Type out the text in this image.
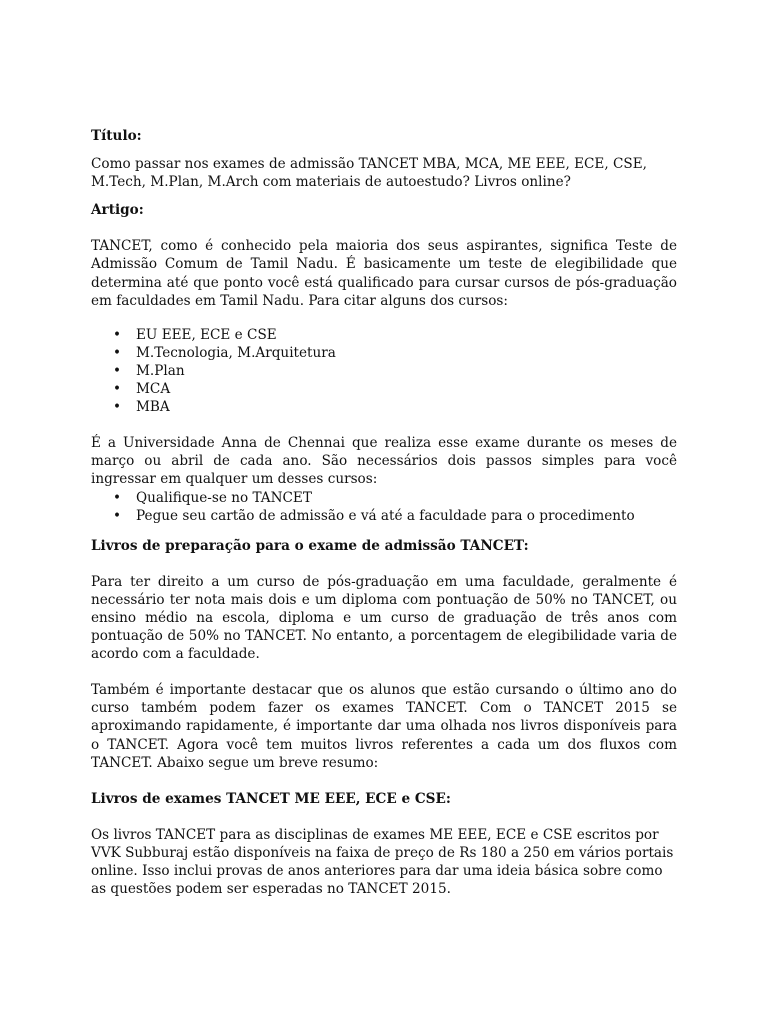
Título:

Como passar nos exames de admissão TANCET MBA, MCA, ME EEE, ECE, CSE, M.Tech, M.Plan, M.Arch com materiais de autoestudo? Livros online?

Artigo:

TANCET, como é conhecido pela maioria dos seus aspirantes, significa Teste de Admissão Comum de Tamil Nadu. É basicamente um teste de elegibilidade que determina até que ponto você está qualificado para cursar cursos de pós-graduação em faculdades em Tamil Nadu. Para citar alguns dos cursos:

• EU EEE, ECE e CSE
• M.Tecnologia, M.Arquitetura
• M.Plan
• MCA
• MBA

É a Universidade Anna de Chennai que realiza esse exame durante os meses de março ou abril de cada ano. São necessários dois passos simples para você ingressar em qualquer um desses cursos:

• Qualifique-se no TANCET
• Pegue seu cartão de admissão e vá até a faculdade para o procedimento
Livros de preparação para o exame de admissão TANCET:

Para ter direito a um curso de pós-graduação em uma faculdade, geralmente é necessário ter nota mais dois e um diploma com pontuação de 50% no TANCET, ou ensino médio na escola, diploma e um curso de graduação de três anos com pontuação de 50% no TANCET. No entanto, a porcentagem de elegibilidade varia de acordo com a faculdade.

Também é importante destacar que os alunos que estão cursando o último ano do curso também podem fazer os exames TANCET. Com o TANCET 2015 se aproximando rapidamente, é importante dar uma olhada nos livros disponíveis para o TANCET. Agora você tem muitos livros referentes a cada um dos fluxos com TANCET. Abaixo segue um breve resumo:

Livros de exames TANCET ME EEE, ECE e CSE:

Os livros TANCET para as disciplinas de exames ME EEE, ECE e CSE escritos por VVK Subburaj estão disponíveis na faixa de preço de Rs 180 a 250 em vários portais online. Isso inclui provas de anos anteriores para dar uma ideia básica sobre como as questões podem ser esperadas no TANCET 2015.
